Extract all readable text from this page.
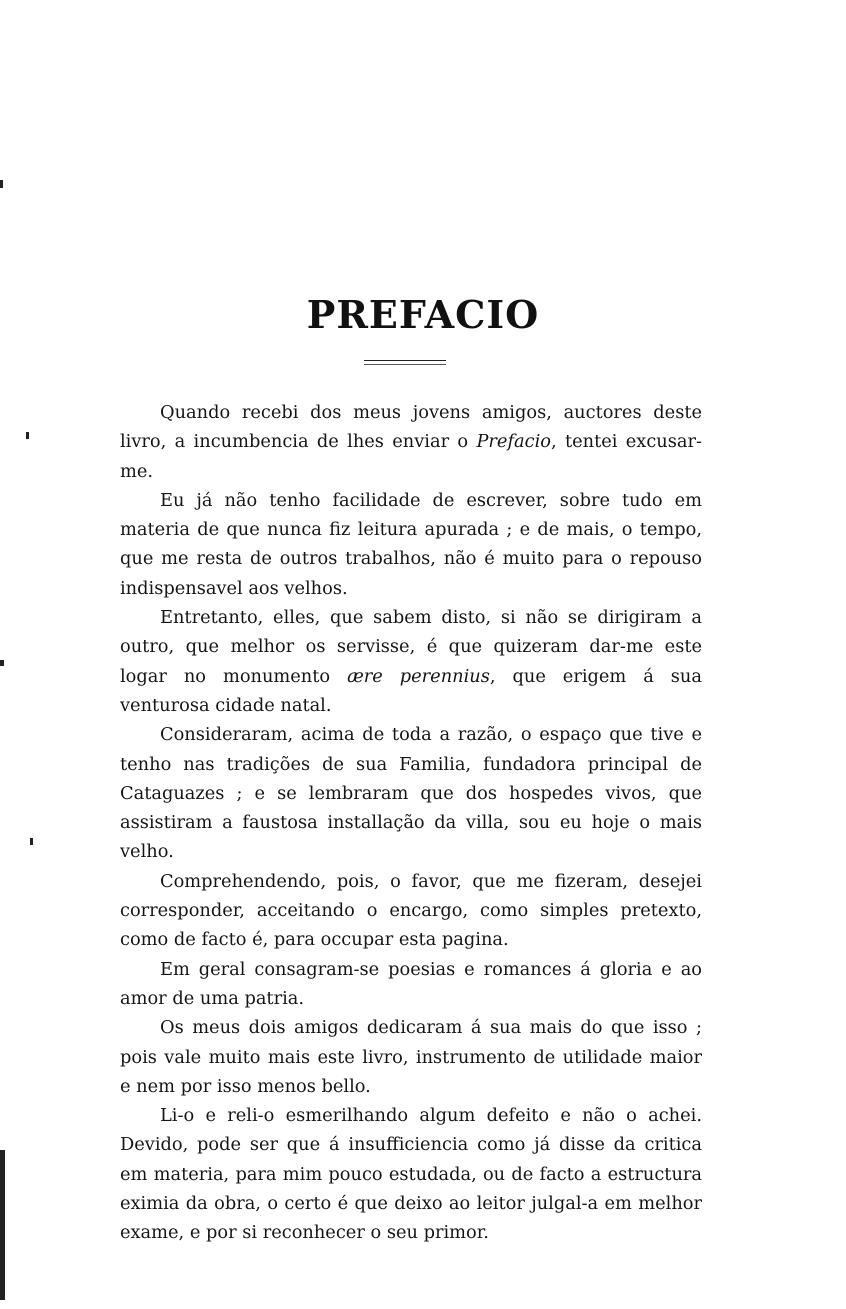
PREFACIO

Quando recebi dos meus jovens amigos, auctores deste livro, a incumbencia de lhes enviar o Prefacio, tentei excusar-me.

Eu já não tenho facilidade de escrever, sobre tudo em materia de que nunca fiz leitura apurada ; e de mais, o tempo, que me resta de outros trabalhos, não é muito para o repouso indispensavel aos velhos.

Entretanto, elles, que sabem disto, si não se dirigiram a outro, que melhor os servisse, é que quizeram dar-me este logar no monumento ære perennius, que erigem á sua venturosa cidade natal.

Consideraram, acima de toda a razão, o espaço que tive e tenho nas tradições de sua Familia, fundadora principal de Cataguazes ; e se lembraram que dos hospedes vivos, que assistiram a faustosa installação da villa, sou eu hoje o mais velho.

Comprehendendo, pois, o favor, que me fizeram, desejei corresponder, acceitando o encargo, como simples pretexto, como de facto é, para occupar esta pagina.

Em geral consagram-se poesias e romances á gloria e ao amor de uma patria.

Os meus dois amigos dedicaram á sua mais do que isso ; pois vale muito mais este livro, instrumento de utilidade maior e nem por isso menos bello.

Li-o e reli-o esmerilhando algum defeito e não o achei. Devido, pode ser que á insufficiencia como já disse da critica em materia, para mim pouco estudada, ou de facto a estructura eximia da obra, o certo é que deixo ao leitor julgal-a em melhor exame, e por si reconhecer o seu primor.
